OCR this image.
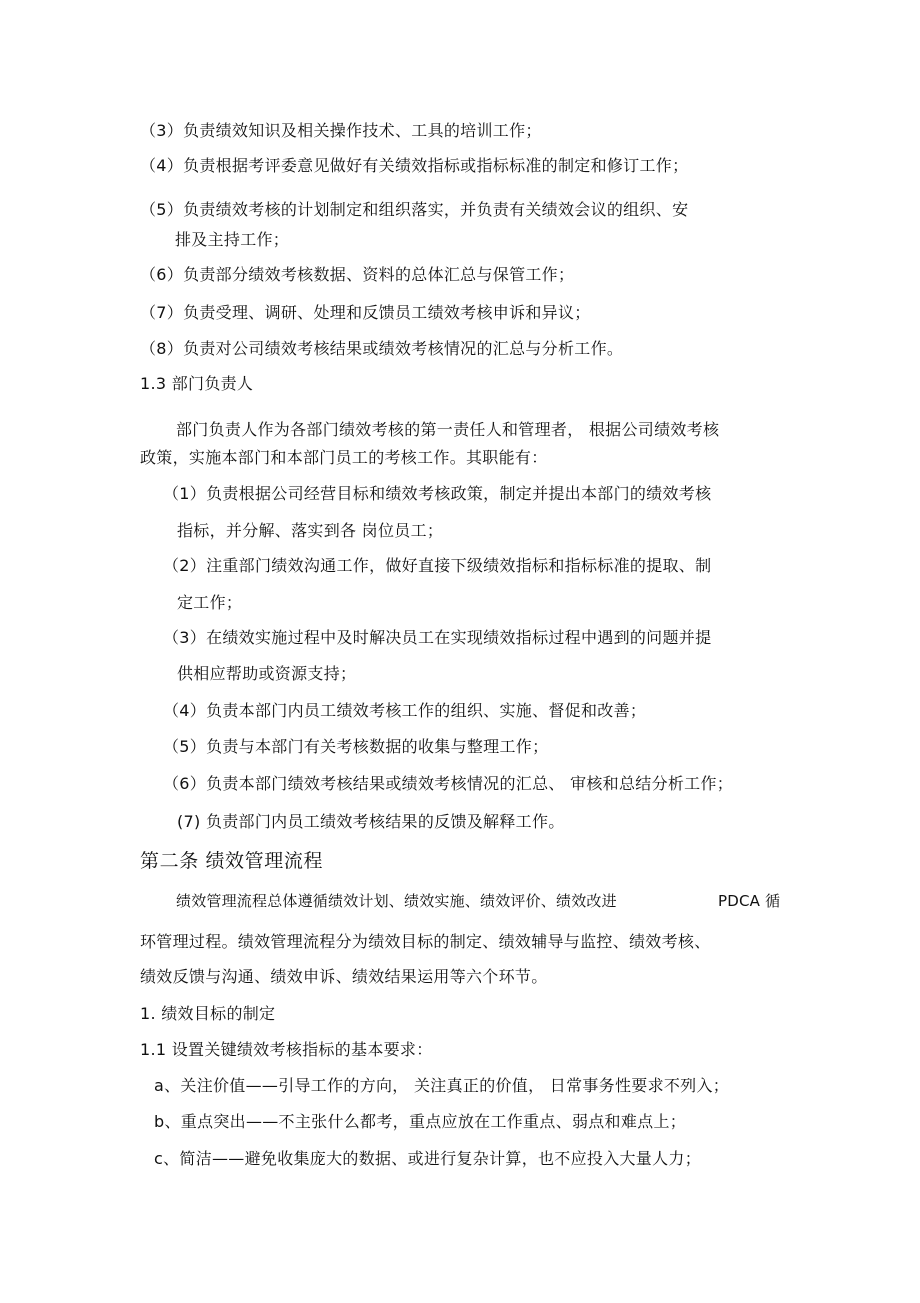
（3）负责绩效知识及相关操作技术、工具的培训工作；
（4）负责根据考评委意见做好有关绩效指标或指标标准的制定和修订工作；
（5）负责绩效考核的计划制定和组织落实，并负责有关绩效会议的组织、安
排及主持工作；
（6）负责部分绩效考核数据、资料的总体汇总与保管工作；
（7）负责受理、调研、处理和反馈员工绩效考核申诉和异议；
（8）负责对公司绩效考核结果或绩效考核情况的汇总与分析工作。
1.3 部门负责人
部门负责人作为各部门绩效考核的第一责任人和管理者， 根据公司绩效考核
政策，实施本部门和本部门员工的考核工作。其职能有：
（1）负责根据公司经营目标和绩效考核政策，制定并提出本部门的绩效考核
指标，并分解、落实到各 岗位员工；
（2）注重部门绩效沟通工作，做好直接下级绩效指标和指标标准的提取、制
定工作；
（3）在绩效实施过程中及时解决员工在实现绩效指标过程中遇到的问题并提
供相应帮助或资源支持；
（4）负责本部门内员工绩效考核工作的组织、实施、督促和改善；
（5）负责与本部门有关考核数据的收集与整理工作；
（6）负责本部门绩效考核结果或绩效考核情况的汇总、 审核和总结分析工作；
(7) 负责部门内员工绩效考核结果的反馈及解释工作。
第二条 绩效管理流程
绩效管理流程总体遵循绩效计划、绩效实施、绩效评价、绩效改进	PDCA 循
环管理过程。绩效管理流程分为绩效目标的制定、绩效辅导与监控、绩效考核、
绩效反馈与沟通、绩效申诉、绩效结果运用等六个环节。
1. 绩效目标的制定
1.1 设置关键绩效考核指标的基本要求：
a、关注价值——引导工作的方向， 关注真正的价值， 日常事务性要求不列入；
b、重点突出——不主张什么都考，重点应放在工作重点、弱点和难点上；
c、简洁——避免收集庞大的数据、或进行复杂计算，也不应投入大量人力；
